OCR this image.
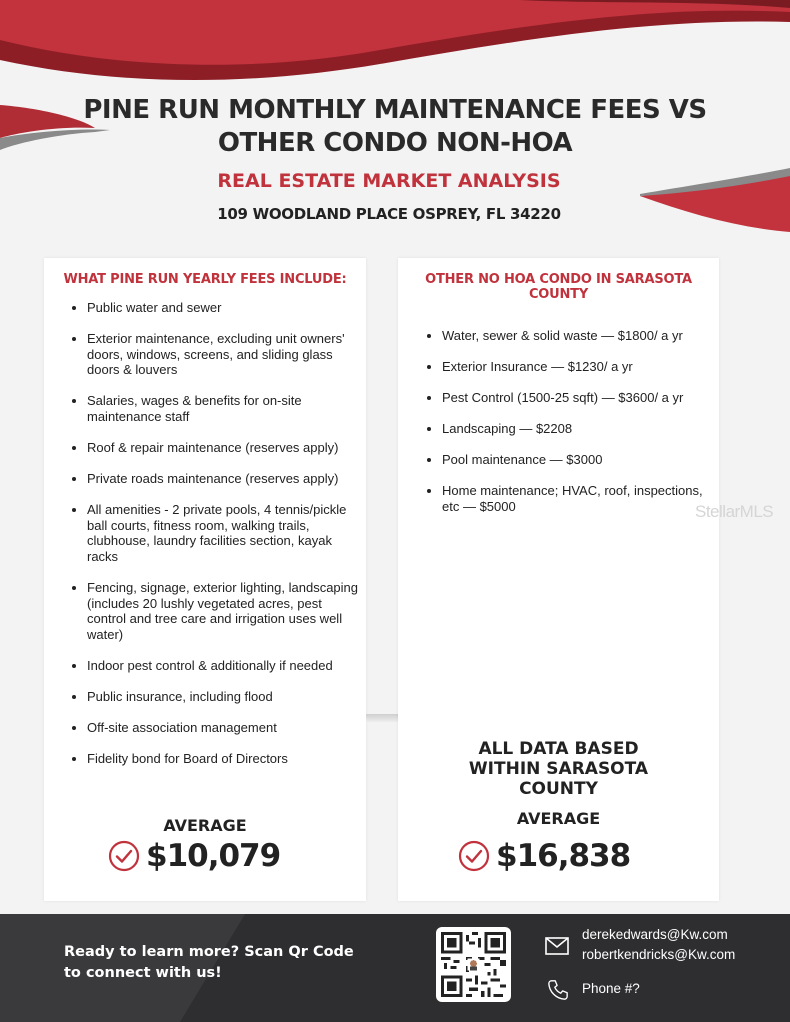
PINE RUN MONTHLY MAINTENANCE FEES VS
OTHER CONDO NON-HOA
REAL ESTATE MARKET ANALYSIS
109 WOODLAND PLACE OSPREY, FL 34220
WHAT PINE RUN YEARLY FEES INCLUDE:
Public water and sewer
Exterior maintenance, excluding unit owners' doors, windows, screens, and sliding glass doors & louvers
Salaries, wages & benefits for on-site maintenance staff
Roof & repair maintenance (reserves apply)
Private roads maintenance (reserves apply)
All amenities - 2 private pools, 4 tennis/pickle ball courts, fitness room, walking trails, clubhouse, laundry facilities section, kayak racks
Fencing, signage, exterior lighting, landscaping (includes 20 lushly vegetated acres, pest control and tree care and irrigation uses well water)
Indoor pest control & additionally if needed
Public insurance, including flood
Off-site association management
Fidelity bond for Board of Directors
AVERAGE
$10,079
OTHER NO HOA CONDO IN SARASOTA COUNTY
Water, sewer & solid waste — $1800/ a yr
Exterior Insurance — $1230/ a yr
Pest Control (1500-25 sqft) — $3600/ a yr
Landscaping — $2208
Pool maintenance — $3000
Home maintenance; HVAC, roof, inspections, etc — $5000
ALL DATA BASED WITHIN SARASOTA COUNTY
AVERAGE
$16,838
StellarMLS
Ready to learn more? Scan Qr Code to connect with us!
derekedwards@Kw.com
robertkendricks@Kw.com
Phone #?
